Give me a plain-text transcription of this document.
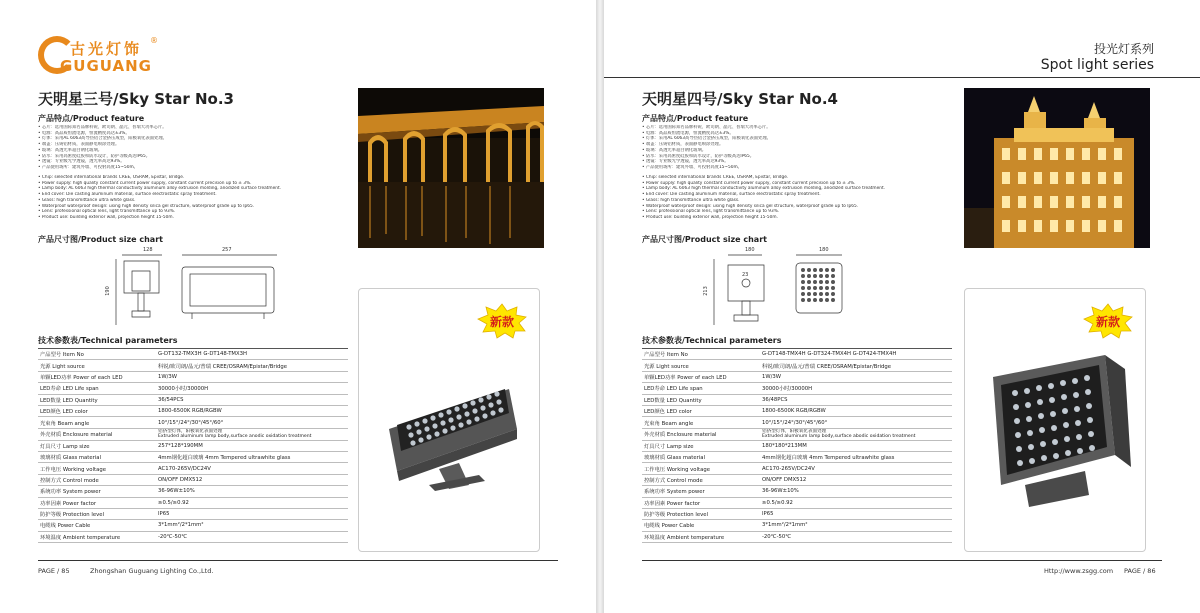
古光灯饰
GUGUANG
®
天明星三号/Sky Star No.3
产品特点/Product feature
• 芯片：选用国际知名品牌科锐、欧司朗、晶元、普瑞大功率芯片。
• 电源：高品质恒流电源，恒流精度高达±3%。
• 灯体：采用AL 6063高导热铝合金挤压成型，阳极氧化表面处理。
• 端盖：压铸铝材质，表面静电喷涂处理。
• 玻璃：高透光率超白钢化玻璃。
• 防水：采用高密度硅胶和防水设计，防护等级高达IP65。
• 透镜：专业级光学透镜，透光率高达93%。
• 产品使用场所：建筑外墙、可投射高度15~50m。
• Chip: selected international brands CREE, OSRAM, Epistar, Bridge.
• Power supply: high quality constant current power supply, constant current precision up to ± 3%.
• Lamp body: AL 6063 high thermal conductivity aluminum alloy extrusion molding, anodized surface treatment.
• End cover: Die casting aluminum material, surface electrostatic spray treatment.
• Glass: high transmittance ultra white glass.
• Waterproof waterproof design: using high density silica gel structure, waterproof grade up to Ip65.
• Lens: professional optical lens, light transmittance up to 93%.
• Product use: building exterior wall, projection height 15-50m.
产品尺寸图/Product size chart
128	257
190
新款
技术参数表/Technical parameters
产品型号 Item No	G-DT132-TMX3H G-DT148-TMX3H
光源 Light source	科锐/欧司朗/晶元/普瑞 CREE/OSRAM/Epistar/Bridge
单颗LED功率 Power of each LED	1W/3W
LED寿命 LED Life span	30000小时/30000H
LED数量 LED Quantity	36/54PCS
LED颜色 LED color	1800-6500K RGB/RGBW
光束角 Beam angle	10°/15°/24°/30°/45°/60°
外壳材质 Enclosure material	铝挤型灯体，阳极氧化表面处理
Extruded aluminum lamp body,surface anodic oxidation treatment
灯具尺寸 Lamp size	257*128*190MM
玻璃材质 Glass material	4mm钢化超白玻璃 4mm Tempered ultrawhite glass
工作电压 Working voltage	AC170-265V/DC24V
控制方式 Control mode	ON/OFF DMX512
系统功率 System power	36-96W±10%
功率因素 Power factor	≥0.5/≥0.92
防护等级 Protection level	IP65
电缆线 Power Cable	3*1mm²/2*1mm²
环境温度 Ambient temperature	-20℃-50℃
PAGE / 85	Zhongshan Guguang Lighting Co.,Ltd.
投光灯系列
Spot light series
天明星四号/Sky Star No.4
产品特点/Product feature
• 芯片：选用国际知名品牌科锐、欧司朗、晶元、普瑞大功率芯片。
• 电源：高品质恒流电源，恒流精度高达±3%。
• 灯体：采用AL 6063高导热铝合金挤压成型，阳极氧化表面处理。
• 端盖：压铸铝材质，表面静电喷涂处理。
• 玻璃：高透光率超白钢化玻璃。
• 防水：采用高密度硅胶和防水设计，防护等级高达IP65。
• 透镜：专业级光学透镜，透光率高达93%。
• 产品使用场所：建筑外墙、可投射高度15~50m。
• Chip: selected international brands CREE, OSRAM, Epistar, Bridge.
• Power supply: high quality constant current power supply, constant current precision up to ± 3%.
• Lamp body: AL 6063 high thermal conductivity aluminum alloy extrusion molding, anodized surface treatment.
• End cover: Die casting aluminum material, surface electrostatic spray treatment.
• Glass: high transmittance ultra white glass.
• Waterproof waterproof design: using high density silica gel structure, waterproof grade up to Ip65.
• Lens: professional optical lens, light transmittance up to 93%.
• Product use: building exterior wall, projection height 15-50m.
产品尺寸图/Product size chart
180	180
213
23
新款
技术参数表/Technical parameters
产品型号 Item No	G-DT148-TMX4H G-DT324-TMX4H G-DT424-TMX4H
光源 Light source	科锐/欧司朗/晶元/普瑞 CREE/OSRAM/Epistar/Bridge
单颗LED功率 Power of each LED	1W/3W
LED寿命 LED Life span	30000小时/30000H
LED数量 LED Quantity	36/48PCS
LED颜色 LED color	1800-6500K RGB/RGBW
光束角 Beam angle	10°/15°/24°/30°/45°/60°
外壳材质 Enclosure material	铝挤型灯体，阳极氧化表面处理
Extruded aluminum lamp body,surface abodic oxidation treatment
灯具尺寸 Lamp size	180*180*213MM
玻璃材质 Glass material	4mm钢化超白玻璃 4mm Tempered ultrawhite glass
工作电压 Working voltage	AC170-265V/DC24V
控制方式 Control mode	ON/OFF DMX512
系统功率 System power	36-96W±10%
功率因素 Power factor	≥0.5/≥0.92
防护等级 Protection level	IP65
电缆线 Power Cable	3*1mm²/2*1mm²
环境温度 Ambient temperature	-20℃-50℃
Http://www.zsgg.com PAGE / 86
